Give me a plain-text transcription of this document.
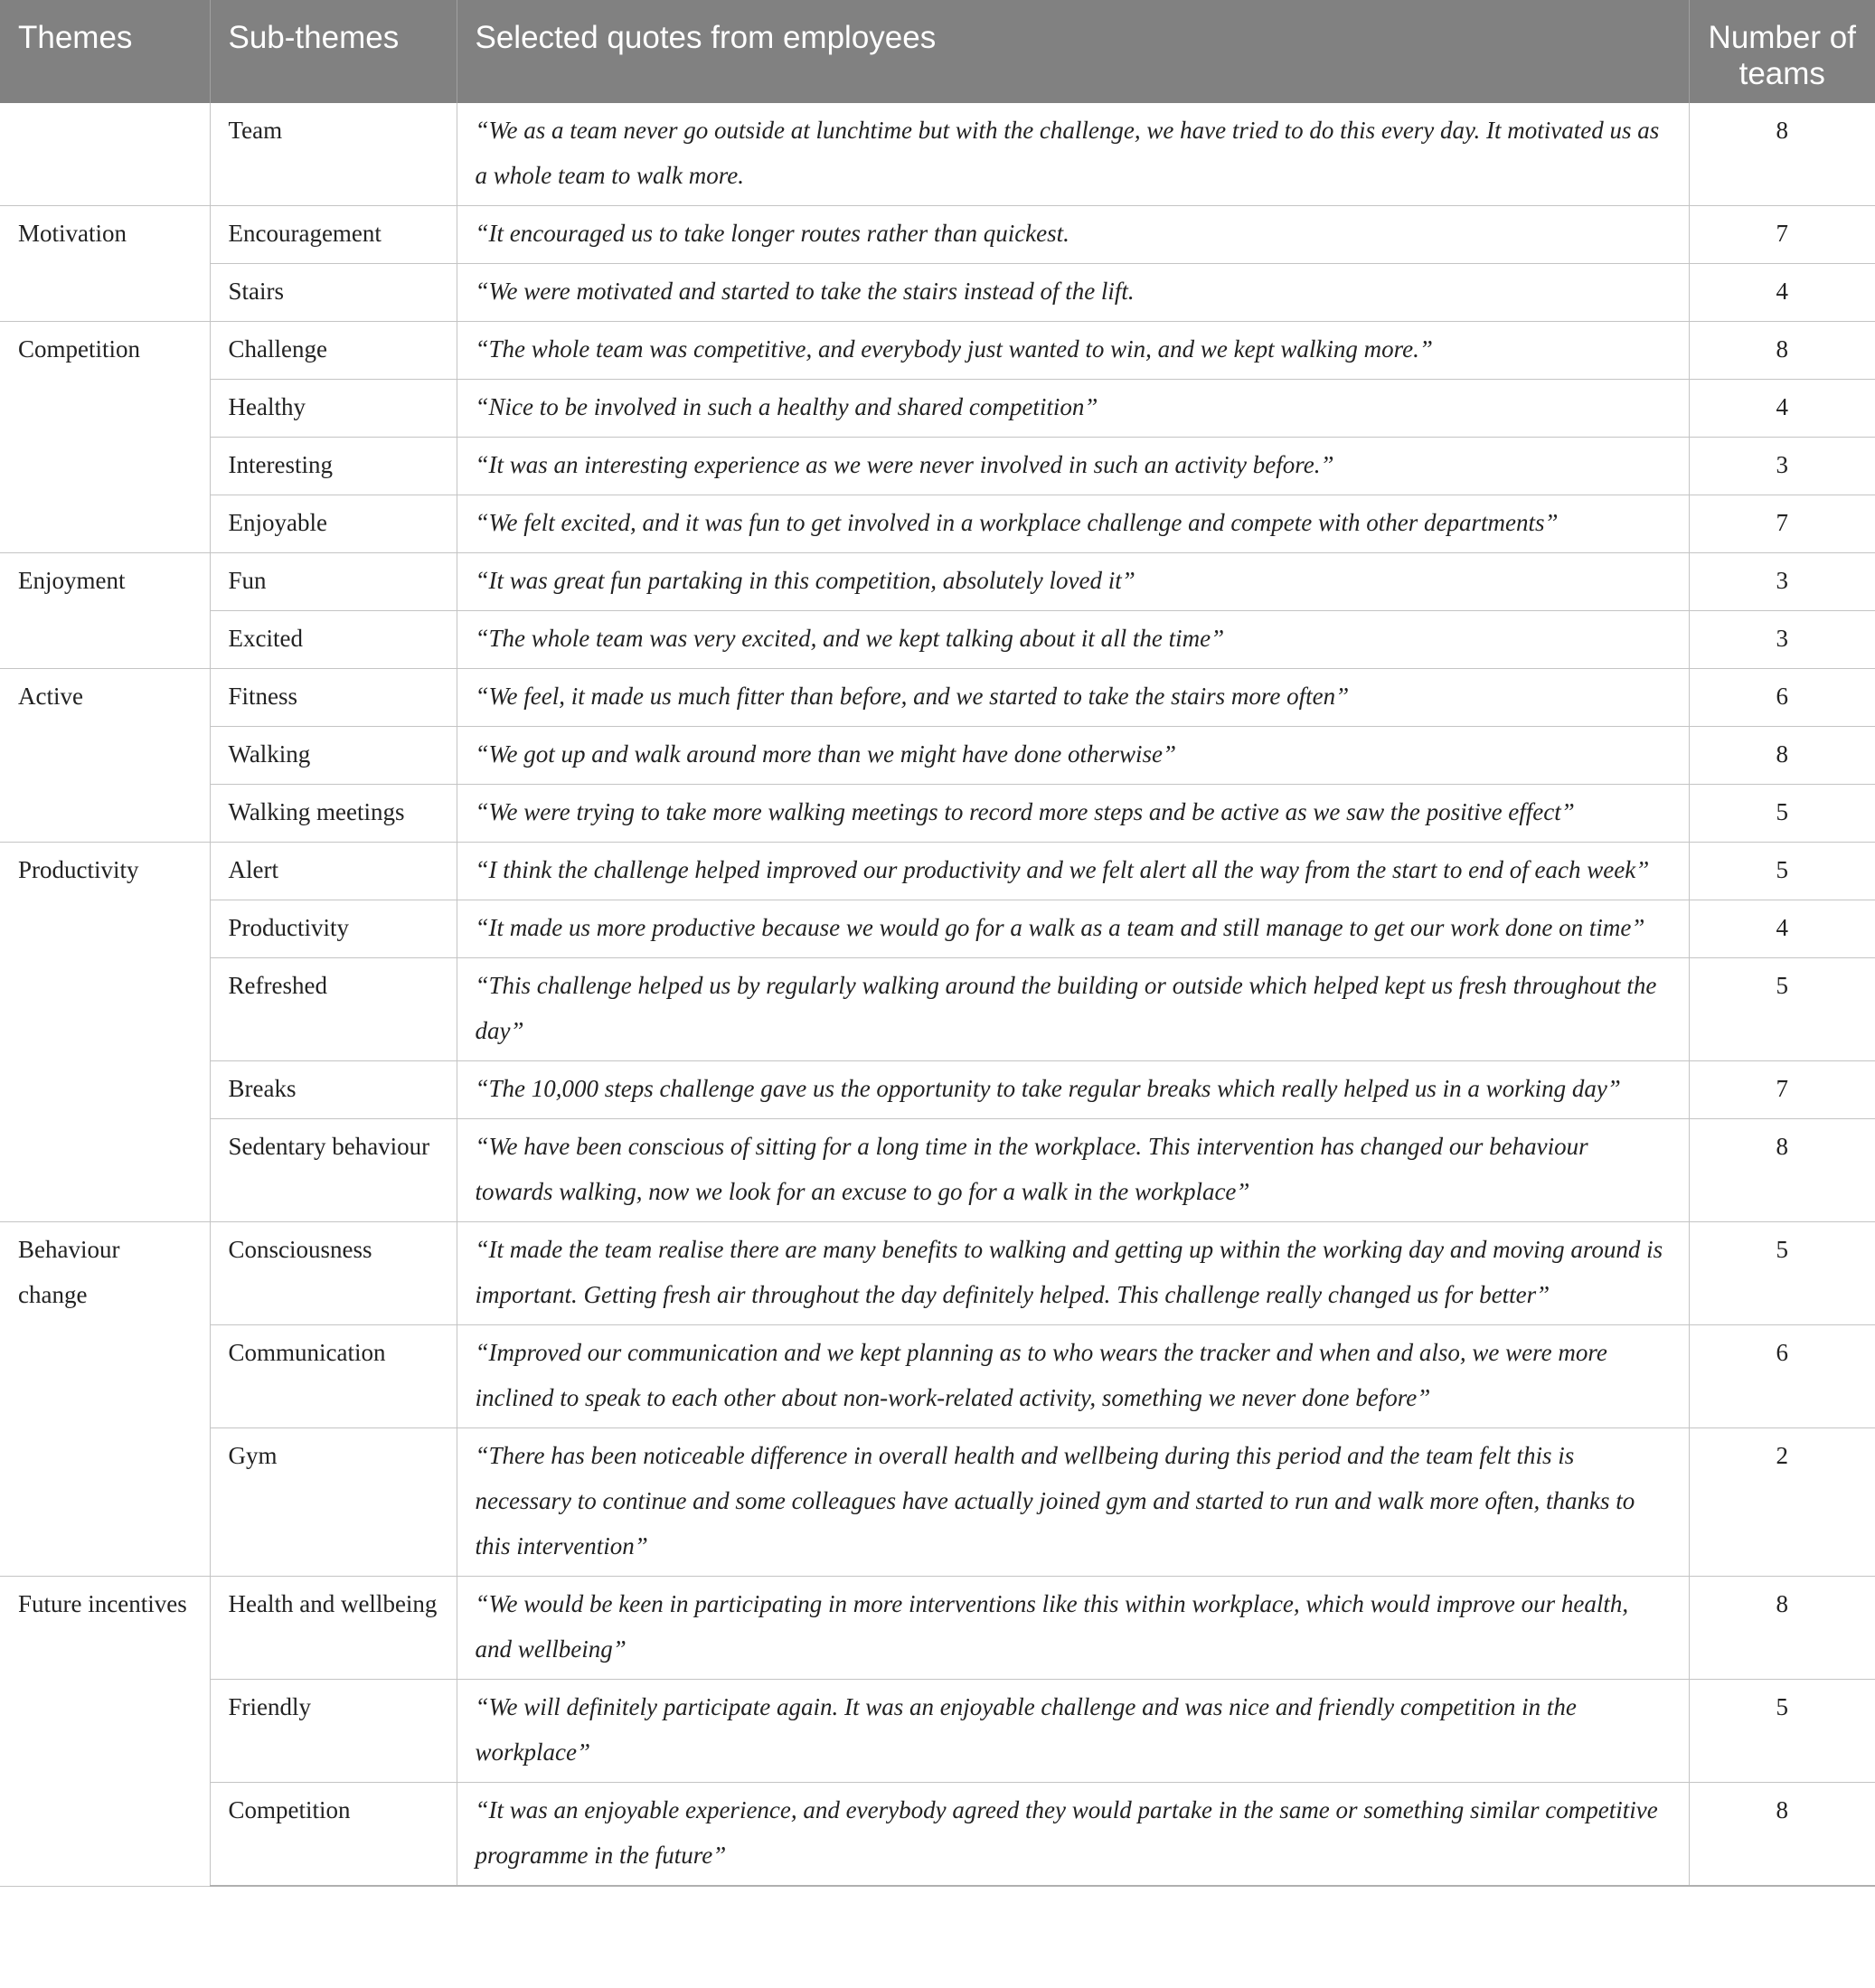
Themes	Sub-themes	Selected quotes from employees	Number of teams
	Team	“We as a team never go outside at lunchtime but with the challenge, we have tried to do this every day. It motivated us as a whole team to walk more.	8
Motivation	Encouragement	“It encouraged us to take longer routes rather than quickest.	7
	Stairs	“We were motivated and started to take the stairs instead of the lift.	4
Competition	Challenge	“The whole team was competitive, and everybody just wanted to win, and we kept walking more.”	8
	Healthy	“Nice to be involved in such a healthy and shared competition”	4
	Interesting	“It was an interesting experience as we were never involved in such an activity before.”	3
	Enjoyable	“We felt excited, and it was fun to get involved in a workplace challenge and compete with other departments”	7
Enjoyment	Fun	“It was great fun partaking in this competition, absolutely loved it”	3
	Excited	“The whole team was very excited, and we kept talking about it all the time”	3
Active	Fitness	“We feel, it made us much fitter than before, and we started to take the stairs more often”	6
	Walking	“We got up and walk around more than we might have done otherwise”	8
	Walking meetings	“We were trying to take more walking meetings to record more steps and be active as we saw the positive effect”	5
Productivity	Alert	“I think the challenge helped improved our productivity and we felt alert all the way from the start to end of each week”	5
	Productivity	“It made us more productive because we would go for a walk as a team and still manage to get our work done on time”	4
	Refreshed	“This challenge helped us by regularly walking around the building or outside which helped kept us fresh throughout the day”	5
	Breaks	“The 10,000 steps challenge gave us the opportunity to take regular breaks which really helped us in a working day”	7
	Sedentary behaviour	“We have been conscious of sitting for a long time in the workplace. This intervention has changed our behaviour towards walking, now we look for an excuse to go for a walk in the workplace”	8
Behaviour change	Consciousness	“It made the team realise there are many benefits to walking and getting up within the working day and moving around is important. Getting fresh air throughout the day definitely helped. This challenge really changed us for better”	5
	Communication	“Improved our communication and we kept planning as to who wears the tracker and when and also, we were more inclined to speak to each other about non-work-related activity, something we never done before”	6
	Gym	“There has been noticeable difference in overall health and wellbeing during this period and the team felt this is necessary to continue and some colleagues have actually joined gym and started to run and walk more often, thanks to this intervention”	2
Future incentives	Health and wellbeing	“We would be keen in participating in more interventions like this within workplace, which would improve our health, and wellbeing”	8
	Friendly	“We will definitely participate again. It was an enjoyable challenge and was nice and friendly competition in the workplace”	5
	Competition	“It was an enjoyable experience, and everybody agreed they would partake in the same or something similar competitive programme in the future”	8
